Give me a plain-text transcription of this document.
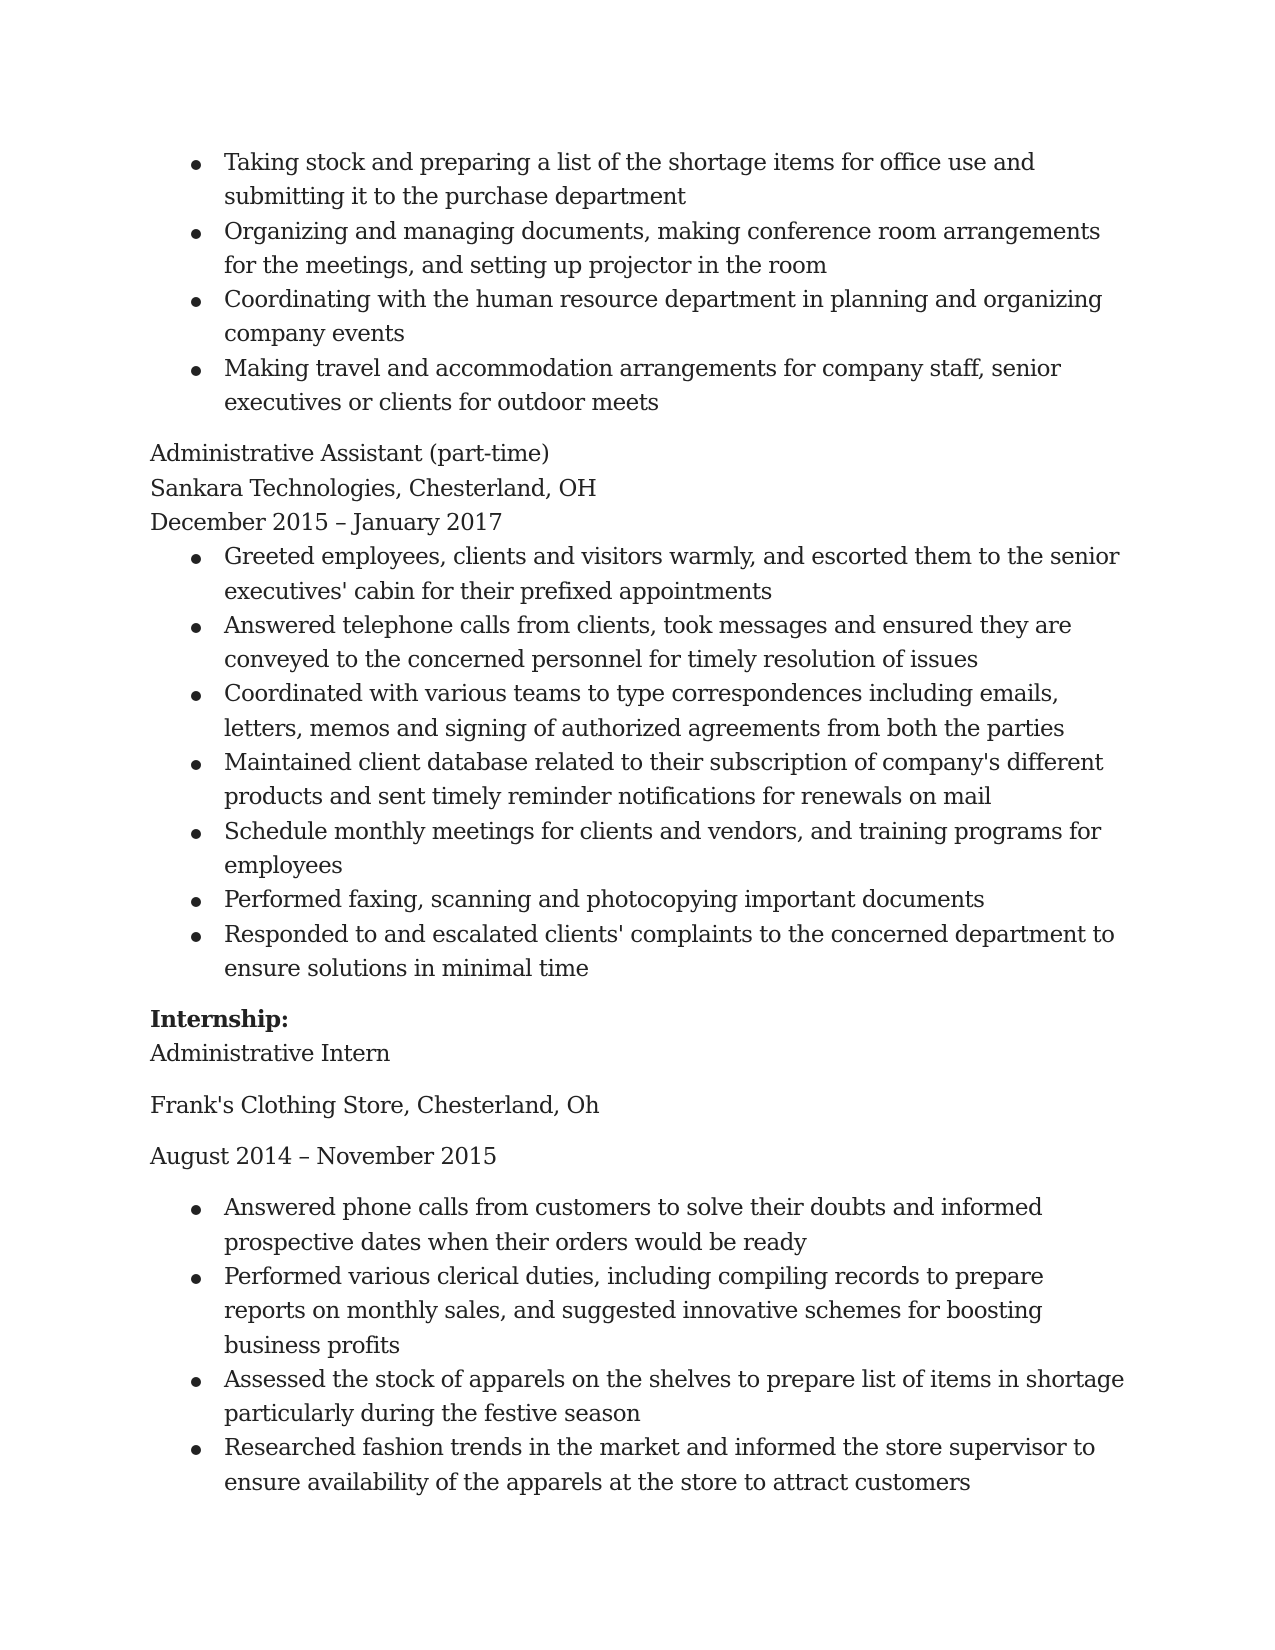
Taking stock and preparing a list of the shortage items for office use and submitting it to the purchase department
Organizing and managing documents, making conference room arrangements for the meetings, and setting up projector in the room
Coordinating with the human resource department in planning and organizing company events
Making travel and accommodation arrangements for company staff, senior executives or clients for outdoor meets
Administrative Assistant (part-time)
Sankara Technologies, Chesterland, OH
December 2015 – January 2017
Greeted employees, clients and visitors warmly, and escorted them to the senior executives' cabin for their prefixed appointments
Answered telephone calls from clients, took messages and ensured they are conveyed to the concerned personnel for timely resolution of issues
Coordinated with various teams to type correspondences including emails, letters, memos and signing of authorized agreements from both the parties
Maintained client database related to their subscription of company's different products and sent timely reminder notifications for renewals on mail
Schedule monthly meetings for clients and vendors, and training programs for employees
Performed faxing, scanning and photocopying important documents
Responded to and escalated clients' complaints to the concerned department to ensure solutions in minimal time
Internship:
Administrative Intern
Frank's Clothing Store, Chesterland, Oh
August 2014 – November 2015
Answered phone calls from customers to solve their doubts and informed prospective dates when their orders would be ready
Performed various clerical duties, including compiling records to prepare reports on monthly sales, and suggested innovative schemes for boosting business profits
Assessed the stock of apparels on the shelves to prepare list of items in shortage particularly during the festive season
Researched fashion trends in the market and informed the store supervisor to ensure availability of the apparels at the store to attract customers
